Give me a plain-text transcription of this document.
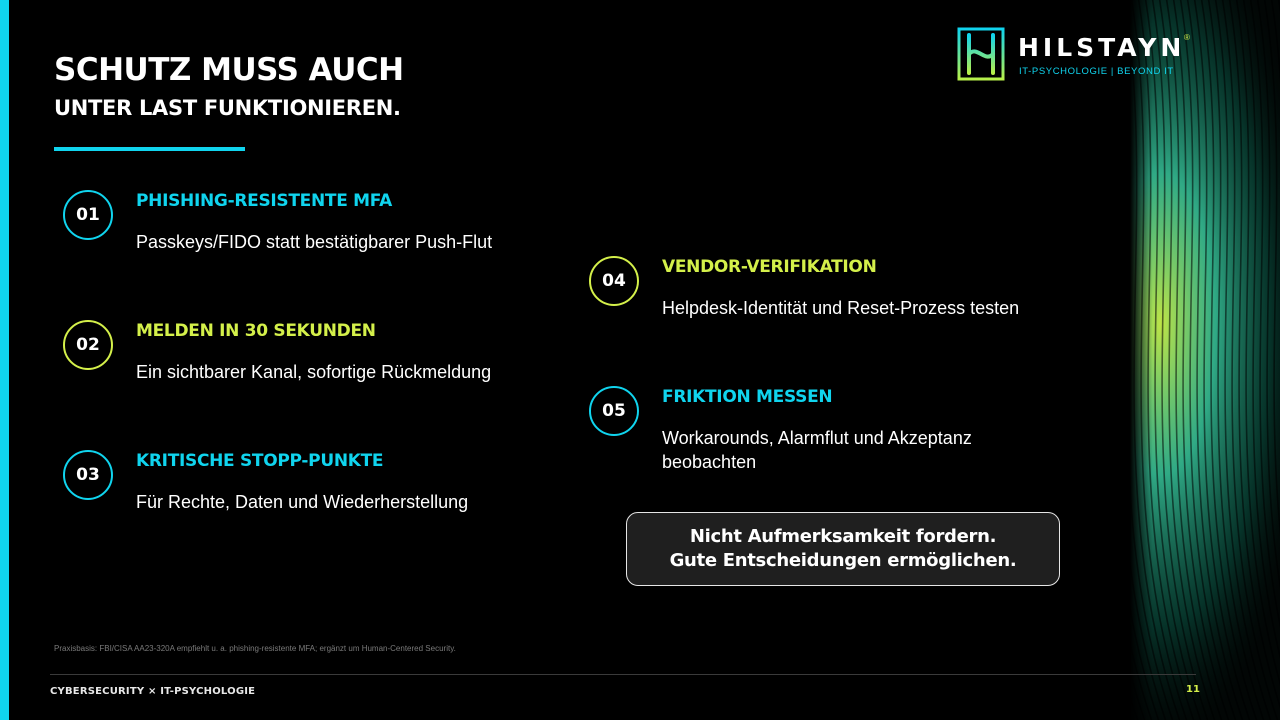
SCHUTZ MUSS AUCH
UNTER LAST FUNKTIONIEREN.
HILSTAYN
®
IT-PSYCHOLOGIE | BEYOND IT
01
PHISHING-RESISTENTE MFA
Passkeys/FIDO statt bestätigbarer Push-Flut
02
MELDEN IN 30 SEKUNDEN
Ein sichtbarer Kanal, sofortige Rückmeldung
03
KRITISCHE STOPP-PUNKTE
Für Rechte, Daten und Wiederherstellung
04
VENDOR-VERIFIKATION
Helpdesk-Identität und Reset-Prozess testen
05
FRIKTION MESSEN
Workarounds, Alarmflut und Akzeptanz beobachten
Nicht Aufmerksamkeit fordern.
Gute Entscheidungen ermöglichen.
Praxisbasis: FBI/CISA AA23-320A empfiehlt u. a. phishing-resistente MFA; ergänzt um Human-Centered Security.
CYBERSECURITY × IT-PSYCHOLOGIE	11
